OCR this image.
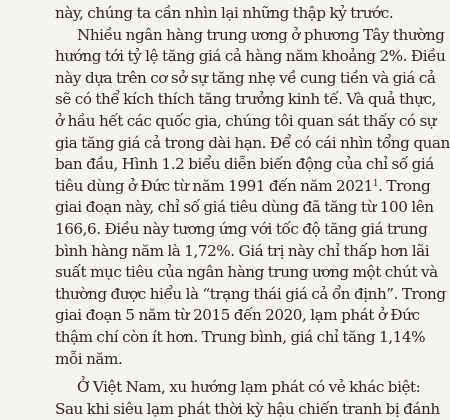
này, chúng ta cần nhìn lại những thập kỷ trước.
Nhiều ngân hàng trung ương ở phương Tây thường
hướng tới tỷ lệ tăng giá cả hàng năm khoảng 2%. Điều
này dựa trên cơ sở sự tăng nhẹ về cung tiền và giá cả
sẽ có thể kích thích tăng trưởng kinh tế. Và quả thực,
ở hầu hết các quốc gia, chúng tôi quan sát thấy có sự
gia tăng giá cả trong dài hạn. Để có cái nhìn tổng quan
ban đầu, Hình 1.2 biểu diễn biến động của chỉ số giá
tiêu dùng ở Đức từ năm 1991 đến năm 2021$^1$. Trong
giai đoạn này, chỉ số giá tiêu dùng đã tăng từ 100 lên
166,6. Điều này tương ứng với tốc độ tăng giá trung
bình hàng năm là 1,72%. Giá trị này chỉ thấp hơn lãi
suất mục tiêu của ngân hàng trung ương một chút và
thường được hiểu là “trạng thái giá cả ổn định”. Trong
giai đoạn 5 năm từ 2015 đến 2020, lạm phát ở Đức
thậm chí còn ít hơn. Trung bình, giá chỉ tăng 1,14%
mỗi năm.
Ở Việt Nam, xu hướng lạm phát có vẻ khác biệt:
Sau khi siêu lạm phát thời kỳ hậu chiến tranh bị đánh
